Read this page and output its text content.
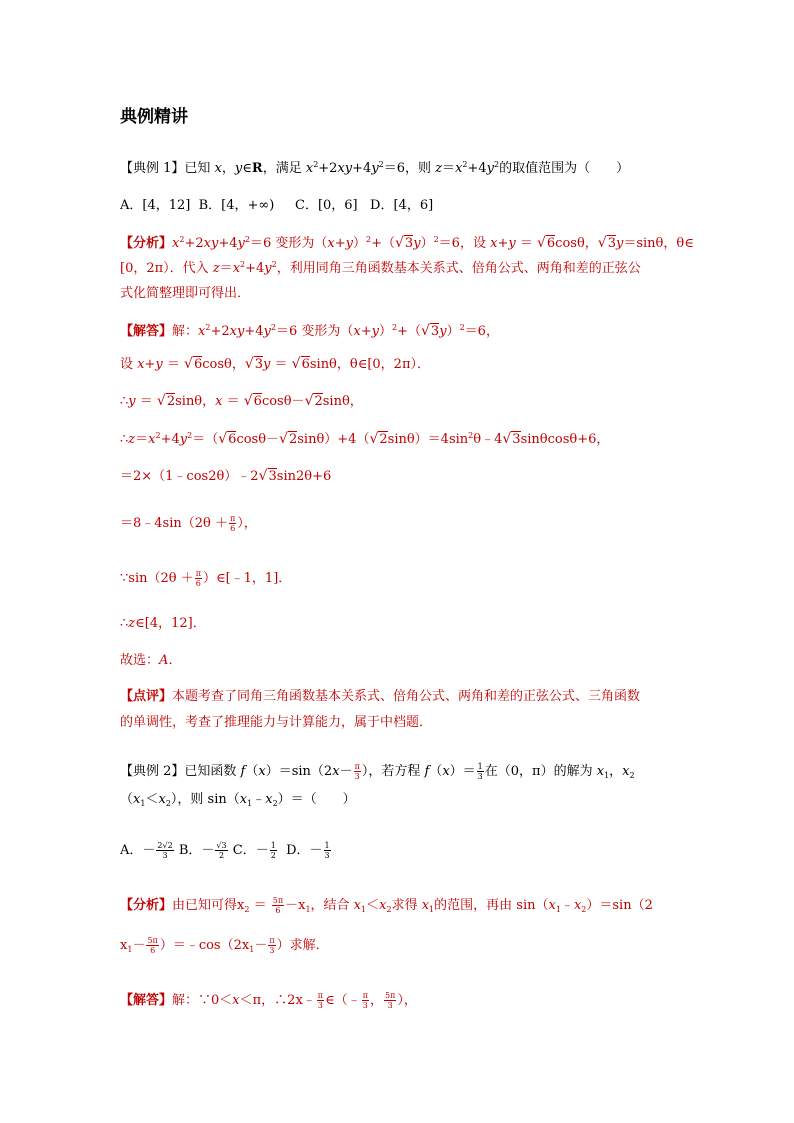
典例精讲
【典例 1】已知 x，y∈R，满足 $x^2+2xy+4y^2=6$，则 $z=x^2+4y^2$的取值范围为（　　）
A．[4，12] B．[4，+∞) C．[0，6] D．[4，6]
【分析】$x^2+2xy+4y^2=6$ 变形为$(x+y)^2+(√3y)^2=6$，设 x+y ＝ √6cosθ，√3y＝sinθ，θ∈
[0，2π）．代入 $z=x^2+4y^2$，利用同角三角函数基本关系式、倍角公式、两角和差的正弦公
式化简整理即可得出．
【解答】解：$x^2+2xy+4y^2=6$ 变形为$(x+y)^2+(√3y)^2=6$，
设 x+y ＝ √6cosθ，√3y ＝ √6sinθ，θ∈[0，2π）．
∴y ＝ √2sinθ，x ＝ √6cosθ－√2sinθ，
$\therefore z=x^2+4y^2=(√6\cos\theta-√2\sin\theta)+4(√2\sin\theta)=4\sin^2\theta﹣4√3\sin\theta\cos\theta+6$，
＝2×（1﹣cos2θ）﹣2√3sin2θ+6
＝8﹣4sin（2θ ＋ $\frac{\pi}{6}$ ），
∵sin（2θ ＋ $\frac{\pi}{6}$ ）∈[﹣1，1]．
∴z∈[4，12]．
故选：A．
【点评】本题考查了同角三角函数基本关系式、倍角公式、两角和差的正弦公式、三角函数
的单调性，考查了推理能力与计算能力，属于中档题．
【典例 2】已知函数 $f(x)=\sin(2x- \frac{\pi}{3}$ ），若方程 $f(x)= \frac{1}{3}$ 在（0，π）的解为 $x_1$，$x_2$
$(x_1<x_2)$，则 $\sin(x_1﹣x_2)=$（　　）
A．－ $\frac{2√2}{3}$ B．－ $\frac{√3}{2}$ C．－ $\frac{1}{2}$ D．－ $\frac{1}{3}$
【分析】由已知可得$x_2 = \frac{5\pi}{6} -x_1$，结合 $x_1<x_2$求得 $x_1$的范围，再由 $\sin(x_1﹣x_2)=\sin(2$
$x_1- \frac{5\pi}{6}$ ）$=﹣\cos(2x_1- \frac{\pi}{3}$ ）求解．
【解答】解：∵0＜x＜π，∴2x﹣ $\frac{\pi}{3}$ ∈（﹣ $\frac{\pi}{3}$ ， $\frac{5\pi}{3}$ ），
